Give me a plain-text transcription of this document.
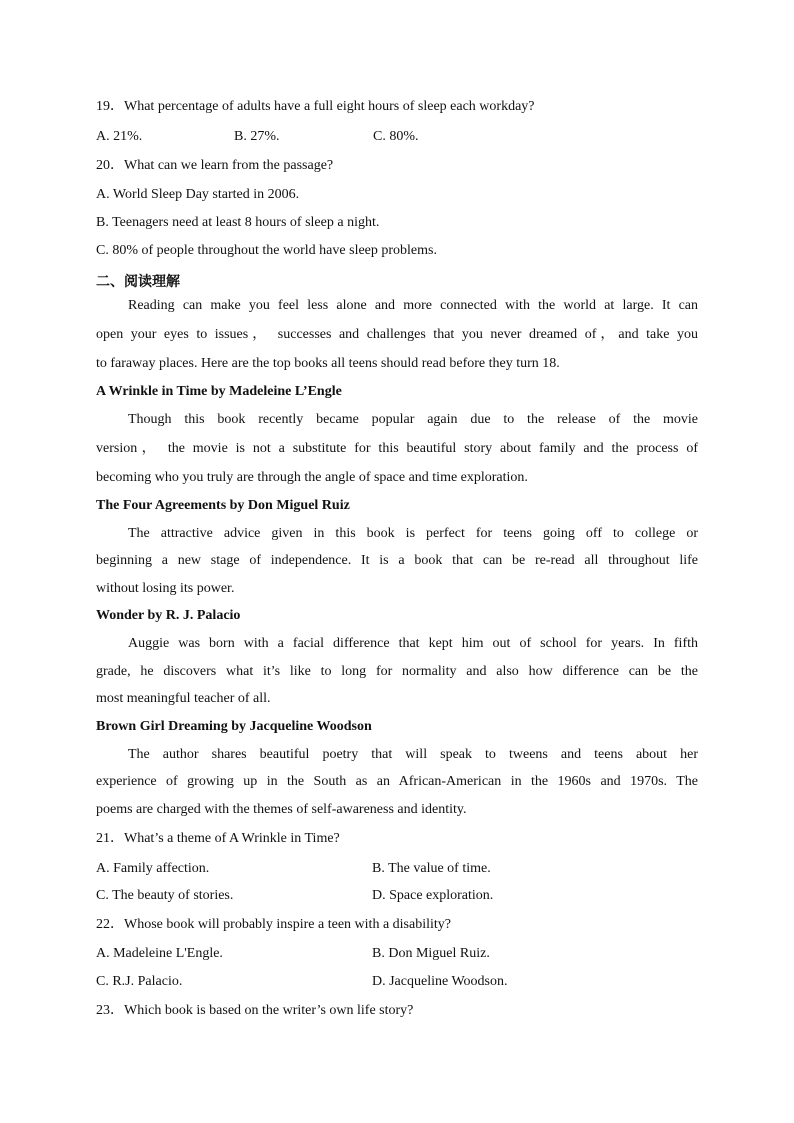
19．What percentage of adults have a full eight hours of sleep each workday?
A. 21%.	B. 27%.	C. 80%.
20．What can we learn from the passage?
A. World Sleep Day started in 2006.
B. Teenagers need at least 8 hours of sleep a night.
C. 80% of people throughout the world have sleep problems.
二、阅读理解
Reading can make you feel less alone and more connected with the world at large. It can
open your eyes to issues， successes and challenges that you never dreamed of，and take you
to faraway places. Here are the top books all teens should read before they turn 18.
A Wrinkle in Time by Madeleine L’Engle
Though this book recently became popular again due to the release of the movie
version， the movie is not a substitute for this beautiful story about family and the process of
becoming who you truly are through the angle of space and time exploration.
The Four Agreements by Don Miguel Ruiz
The attractive advice given in this book is perfect for teens going off to college or
beginning a new stage of independence. It is a book that can be re-read all throughout life
without losing its power.
Wonder by R. J. Palacio
Auggie was born with a facial difference that kept him out of school for years. In fifth
grade, he discovers what it’s like to long for normality and also how difference can be the
most meaningful teacher of all.
Brown Girl Dreaming by Jacqueline Woodson
The author shares beautiful poetry that will speak to tweens and teens about her
experience of growing up in the South as an African-American in the 1960s and 1970s. The
poems are charged with the themes of self-awareness and identity.
21．What’s a theme of A Wrinkle in Time?
A. Family affection.	B. The value of time.
C. The beauty of stories.	D. Space exploration.
22．Whose book will probably inspire a teen with a disability?
A. Madeleine L'Engle.	B. Don Miguel Ruiz.
C. R.J. Palacio.	D. Jacqueline Woodson.
23．Which book is based on the writer’s own life story?
